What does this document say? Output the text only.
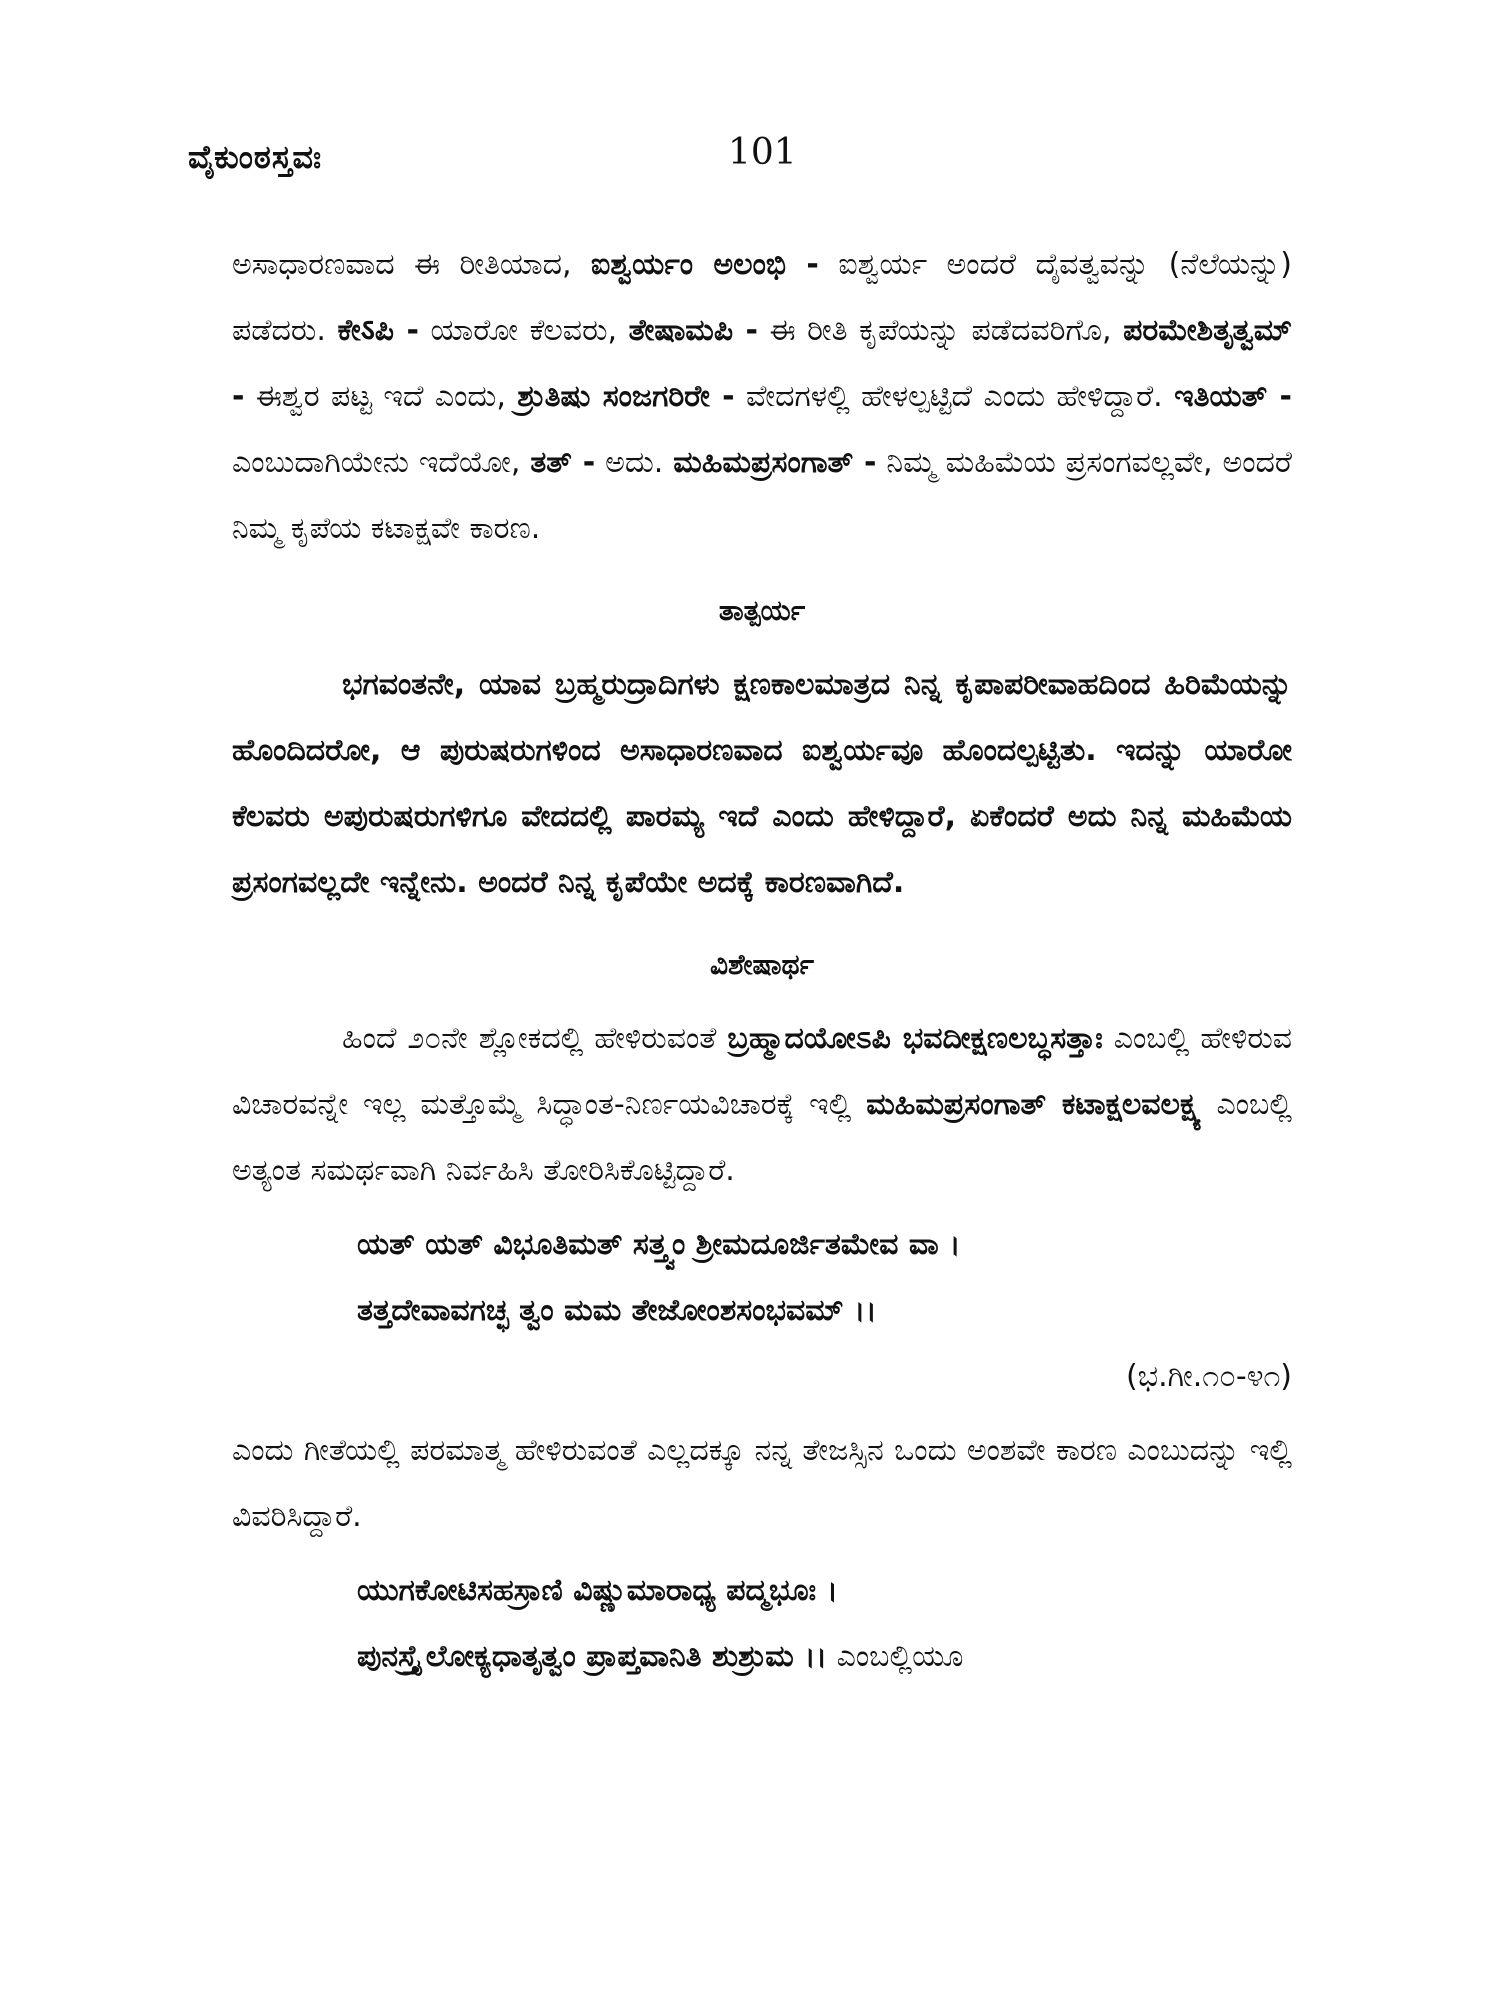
ವೈಕುಂಠಸ್ತವಃ	101

ಅಸಾಧಾರಣವಾದ ಈ ರೀತಿಯಾದ, ಐಶ್ವರ್ಯಂ ಅಲಂಭಿ - ಐಶ್ವರ್ಯ ಅಂದರೆ ದೈವತ್ವವನ್ನು (ನೆಲೆಯನ್ನು) ಪಡೆದರು. ಕೇऽಪಿ - ಯಾರೋ ಕೆಲವರು, ತೇಷಾಮಪಿ - ಈ ರೀತಿ ಕೃಪೆಯನ್ನು ಪಡೆದವರಿಗೊ, ಪರಮೇಶಿತೃತ್ವಮ್ - ಈಶ್ವರ ಪಟ್ಟ ಇದೆ ಎಂದು, ಶ್ರುತಿಷು ಸಂಜಗರಿರೇ - ವೇದಗಳಲ್ಲಿ ಹೇಳಲ್ಪಟ್ಟಿದೆ ಎಂದು ಹೇಳಿದ್ದಾರೆ. ಇತಿಯತ್ - ಎಂಬುದಾಗಿಯೇನು ಇದೆಯೋ, ತತ್ - ಅದು. ಮಹಿಮಪ್ರಸಂಗಾತ್ - ನಿಮ್ಮ ಮಹಿಮೆಯ ಪ್ರಸಂಗವಲ್ಲವೇ, ಅಂದರೆ ನಿಮ್ಮ ಕೃಪೆಯ ಕಟಾಕ್ಷವೇ ಕಾರಣ.

ತಾತ್ಪರ್ಯ

ಭಗವಂತನೇ, ಯಾವ ಬ್ರಹ್ಮರುದ್ರಾದಿಗಳು ಕ್ಷಣಕಾಲಮಾತ್ರದ ನಿನ್ನ ಕೃಪಾಪರೀವಾಹದಿಂದ ಹಿರಿಮೆಯನ್ನು ಹೊಂದಿದರೋ, ಆ ಪುರುಷರುಗಳಿಂದ ಅಸಾಧಾರಣವಾದ ಐಶ್ವರ್ಯವೂ ಹೊಂದಲ್ಪಟ್ಟಿತು. ಇದನ್ನು ಯಾರೋ ಕೆಲವರು ಅಪುರುಷರುಗಳಿಗೂ ವೇದದಲ್ಲಿ ಪಾರಮ್ಯ ಇದೆ ಎಂದು ಹೇಳಿದ್ದಾರೆ, ಏಕೆಂದರೆ ಅದು ನಿನ್ನ ಮಹಿಮೆಯ ಪ್ರಸಂಗವಲ್ಲದೇ ಇನ್ನೇನು. ಅಂದರೆ ನಿನ್ನ ಕೃಪೆಯೇ ಅದಕ್ಕೆ ಕಾರಣವಾಗಿದೆ.

ವಿಶೇಷಾರ್ಥ

ಹಿಂದೆ ೨೦ನೇ ಶ್ಲೋಕದಲ್ಲಿ ಹೇಳಿರುವಂತೆ ಬ್ರಹ್ಮಾದಯೋಽಪಿ ಭವದೀಕ್ಷಣಲಬ್ಧಸತ್ತಾಃ ಎಂಬಲ್ಲಿ ಹೇಳಿರುವ ವಿಚಾರವನ್ನೇ ಇಲ್ಲ ಮತ್ತೊಮ್ಮೆ ಸಿದ್ಧಾಂತ-ನಿರ್ಣಯವಿಚಾರಕ್ಕೆ ಇಲ್ಲಿ ಮಹಿಮಪ್ರಸಂಗಾತ್ ಕಟಾಕ್ಷಲವಲಕ್ಷ್ಯ ಎಂಬಲ್ಲಿ ಅತ್ಯಂತ ಸಮರ್ಥವಾಗಿ ನಿರ್ವಹಿಸಿ ತೋರಿಸಿಕೊಟ್ಟಿದ್ದಾರೆ.

ಯತ್ ಯತ್ ವಿಭೂತಿಮತ್ ಸತ್ತ್ವಂ ಶ್ರೀಮದೂರ್ಜಿತಮೇವ ವಾ ।

ತತ್ತದೇವಾವಗಚ್ಛ ತ್ವಂ ಮಮ ತೇಜೋಂಶಸಂಭವಮ್ ।।

(ಭ.ಗೀ.೧೦-೪೧)

ಎಂದು ಗೀತೆಯಲ್ಲಿ ಪರಮಾತ್ಮ ಹೇಳಿರುವಂತೆ ಎಲ್ಲದಕ್ಕೂ ನನ್ನ ತೇಜಸ್ಸಿನ ಒಂದು ಅಂಶವೇ ಕಾರಣ ಎಂಬುದನ್ನು ಇಲ್ಲಿ ವಿವರಿಸಿದ್ದಾರೆ.

ಯುಗಕೋಟಿಸಹಸ್ರಾಣಿ ವಿಷ್ಣುಮಾರಾಧ್ಯ ಪದ್ಮಭೂಃ ।

ಪುನಸ್ತ್ರೈಲೋಕ್ಯಧಾತೃತ್ವಂ ಪ್ರಾಪ್ತವಾನಿತಿ ಶುಶ್ರುಮ ।। ಎಂಬಲ್ಲಿಯೂ
